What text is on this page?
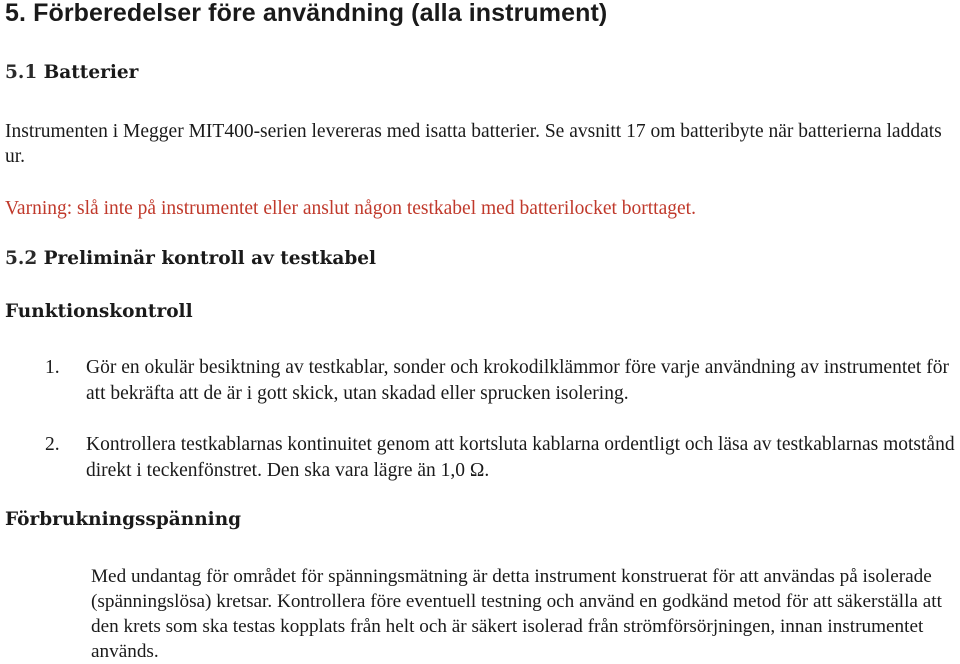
5. Förberedelser före användning (alla instrument)
5.1 Batterier

Instrumenten i Megger MIT400-serien levereras med isatta batterier. Se avsnitt 17 om batteribyte när batterierna laddats ur.

Varning: slå inte på instrumentet eller anslut någon testkabel med batterilocket borttaget.

5.2 Preliminär kontroll av testkabel
Funktionskontroll
1. Gör en okulär besiktning av testkablar, sonder och krokodilklämmor före varje användning av instrumentet för att bekräfta att de är i gott skick, utan skadad eller sprucken isolering.
2. Kontrollera testkablarnas kontinuitet genom att kortsluta kablarna ordentligt och läsa av testkablarnas motstånd direkt i teckenfönstret. Den ska vara lägre än 1,0 Ω.
Förbrukningsspänning

Med undantag för området för spänningsmätning är detta instrument konstruerat för att användas på isolerade (spänningslösa) kretsar. Kontrollera före eventuell testning och använd en godkänd metod för att säkerställa att den krets som ska testas kopplats från helt och är säkert isolerad från strömförsörjningen, innan instrumentet används.
